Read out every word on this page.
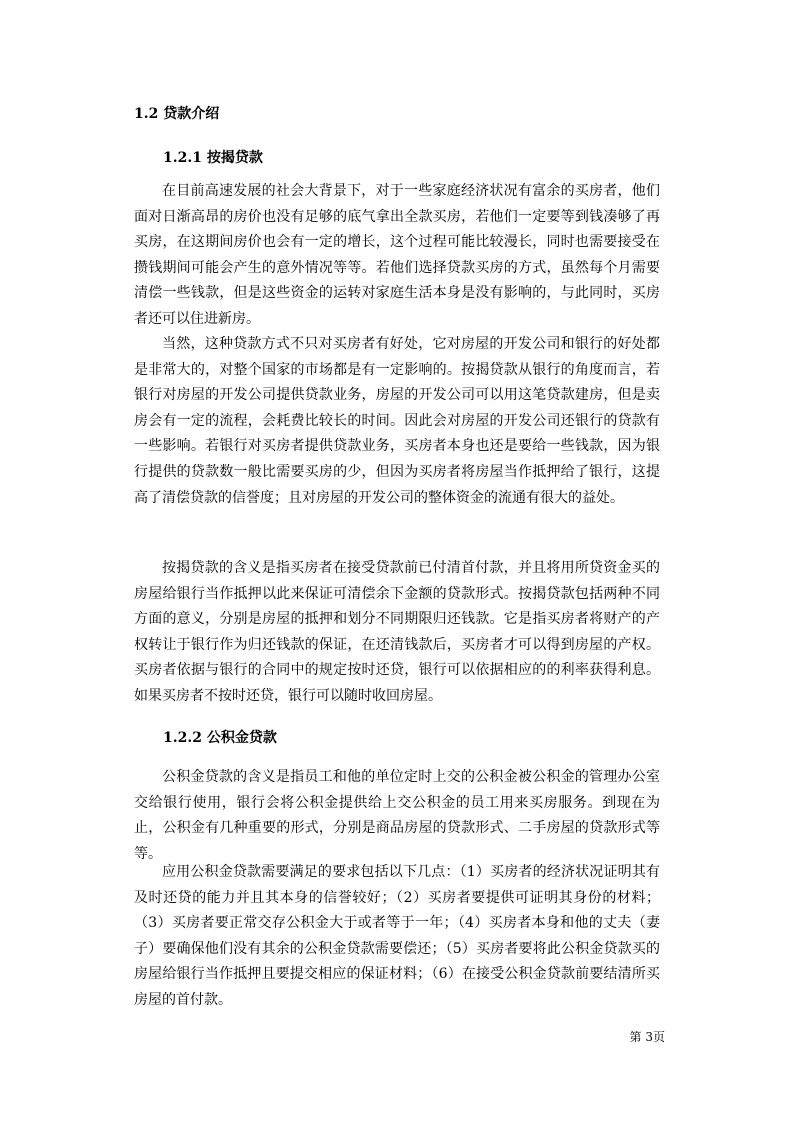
1.2 贷款介绍
1.2.1 按揭贷款

在目前高速发展的社会大背景下，对于一些家庭经济状况有富余的买房者，他们面对日渐高昂的房价也没有足够的底气拿出全款买房，若他们一定要等到钱凑够了再买房，在这期间房价也会有一定的增长，这个过程可能比较漫长，同时也需要接受在攒钱期间可能会产生的意外情况等等。若他们选择贷款买房的方式，虽然每个月需要清偿一些钱款，但是这些资金的运转对家庭生活本身是没有影响的，与此同时，买房者还可以住进新房。

当然，这种贷款方式不只对买房者有好处，它对房屋的开发公司和银行的好处都是非常大的，对整个国家的市场都是有一定影响的。按揭贷款从银行的角度而言，若银行对房屋的开发公司提供贷款业务，房屋的开发公司可以用这笔贷款建房，但是卖房会有一定的流程，会耗费比较长的时间。因此会对房屋的开发公司还银行的贷款有一些影响。若银行对买房者提供贷款业务，买房者本身也还是要给一些钱款，因为银行提供的贷款数一般比需要买房的少，但因为买房者将房屋当作抵押给了银行，这提高了清偿贷款的信誉度；且对房屋的开发公司的整体资金的流通有很大的益处。

按揭贷款的含义是指买房者在接受贷款前已付清首付款，并且将用所贷资金买的房屋给银行当作抵押以此来保证可清偿余下金额的贷款形式。按揭贷款包括两种不同方面的意义，分别是房屋的抵押和划分不同期限归还钱款。它是指买房者将财产的产权转让于银行作为归还钱款的保证，在还清钱款后，买房者才可以得到房屋的产权。买房者依据与银行的合同中的规定按时还贷，银行可以依据相应的的利率获得利息。如果买房者不按时还贷，银行可以随时收回房屋。

1.2.2 公积金贷款

公积金贷款的含义是指员工和他的单位定时上交的公积金被公积金的管理办公室交给银行使用，银行会将公积金提供给上交公积金的员工用来买房服务。到现在为止，公积金有几种重要的形式，分别是商品房屋的贷款形式、二手房屋的贷款形式等等。

应用公积金贷款需要满足的要求包括以下几点：（1）买房者的经济状况证明其有及时还贷的能力并且其本身的信誉较好；（2）买房者要提供可证明其身份的材料；（3）买房者要正常交存公积金大于或者等于一年；（4）买房者本身和他的丈夫（妻子）要确保他们没有其余的公积金贷款需要偿还；（5）买房者要将此公积金贷款买的房屋给银行当作抵押且要提交相应的保证材料；（6）在接受公积金贷款前要结清所买房屋的首付款。

第 3页
